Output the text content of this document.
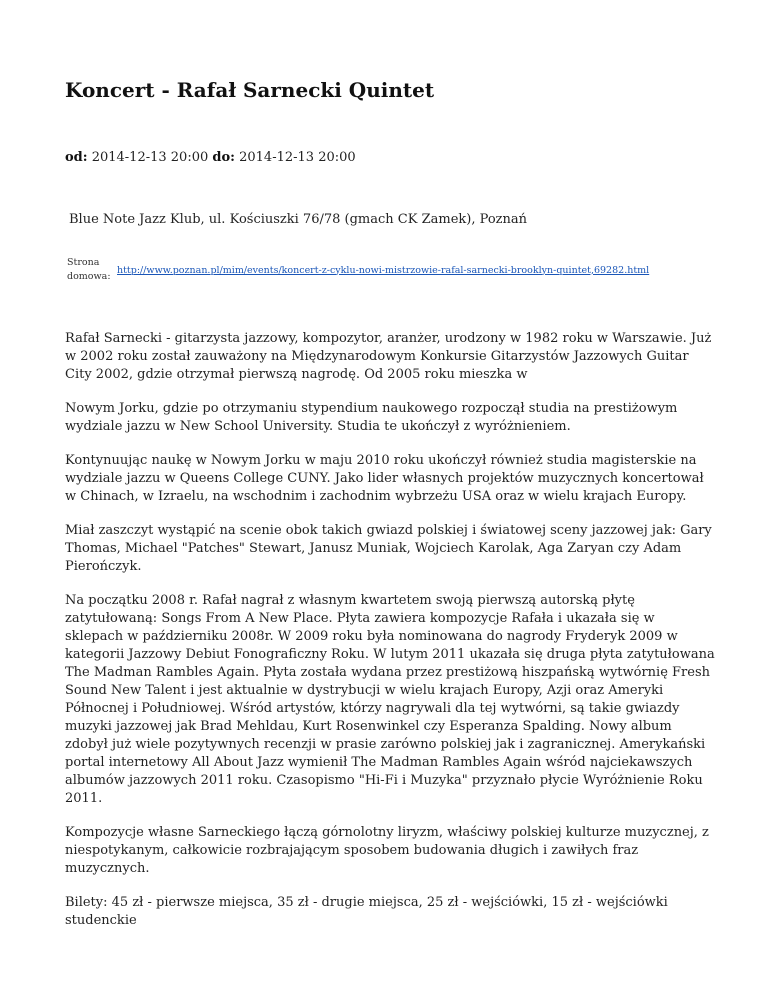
Koncert - Rafał Sarnecki Quintet
od: 2014-12-13 20:00 do: 2014-12-13 20:00
Blue Note Jazz Klub, ul. Kościuszki 76/78 (gmach CK Zamek), Poznań
Strona
domowa:
http://www.poznan.pl/mim/events/koncert-z-cyklu-nowi-mistrzowie-rafal-sarnecki-brooklyn-quintet,69282.html

Rafał Sarnecki - gitarzysta jazzowy, kompozytor, aranżer, urodzony w 1982 roku w Warszawie. Już w 2002 roku został zauważony na Międzynarodowym Konkursie Gitarzystów Jazzowych Guitar City 2002, gdzie otrzymał pierwszą nagrodę. Od 2005 roku mieszka w

Nowym Jorku, gdzie po otrzymaniu stypendium naukowego rozpoczął studia na prestiżowym wydziale jazzu w New School University. Studia te ukończył z wyróżnieniem.

Kontynuując naukę w Nowym Jorku w maju 2010 roku ukończył również studia magisterskie na wydziale jazzu w Queens College CUNY. Jako lider własnych projektów muzycznych koncertował w Chinach, w Izraelu, na wschodnim i zachodnim wybrzeżu USA oraz w wielu krajach Europy.

Miał zaszczyt wystąpić na scenie obok takich gwiazd polskiej i światowej sceny jazzowej jak: Gary Thomas, Michael "Patches" Stewart, Janusz Muniak, Wojciech Karolak, Aga Zaryan czy Adam Pierończyk.

Na początku 2008 r. Rafał nagrał z własnym kwartetem swoją pierwszą autorską płytę zatytułowaną: Songs From A New Place. Płyta zawiera kompozycje Rafała i ukazała się w sklepach w październiku 2008r. W 2009 roku była nominowana do nagrody Fryderyk 2009 w kategorii Jazzowy Debiut Fonograficzny Roku. W lutym 2011 ukazała się druga płyta zatytułowana The Madman Rambles Again. Płyta została wydana przez prestiżową hiszpańską wytwórnię Fresh Sound New Talent i jest aktualnie w dystrybucji w wielu krajach Europy, Azji oraz Ameryki Północnej i Południowej. Wśród artystów, którzy nagrywali dla tej wytwórni, są takie gwiazdy muzyki jazzowej jak Brad Mehldau, Kurt Rosenwinkel czy Esperanza Spalding. Nowy album zdobył już wiele pozytywnych recenzji w prasie zarówno polskiej jak i zagranicznej. Amerykański portal internetowy All About Jazz wymienił The Madman Rambles Again wśród najciekawszych albumów jazzowych 2011 roku. Czasopismo "Hi-Fi i Muzyka" przyznało płycie Wyróżnienie Roku 2011.

Kompozycje własne Sarneckiego łączą górnolotny liryzm, właściwy polskiej kulturze muzycznej, z niespotykanym, całkowicie rozbrajającym sposobem budowania długich i zawiłych fraz muzycznych.

Bilety: 45 zł - pierwsze miejsca, 35 zł - drugie miejsca, 25 zł - wejściówki, 15 zł - wejściówki studenckie
